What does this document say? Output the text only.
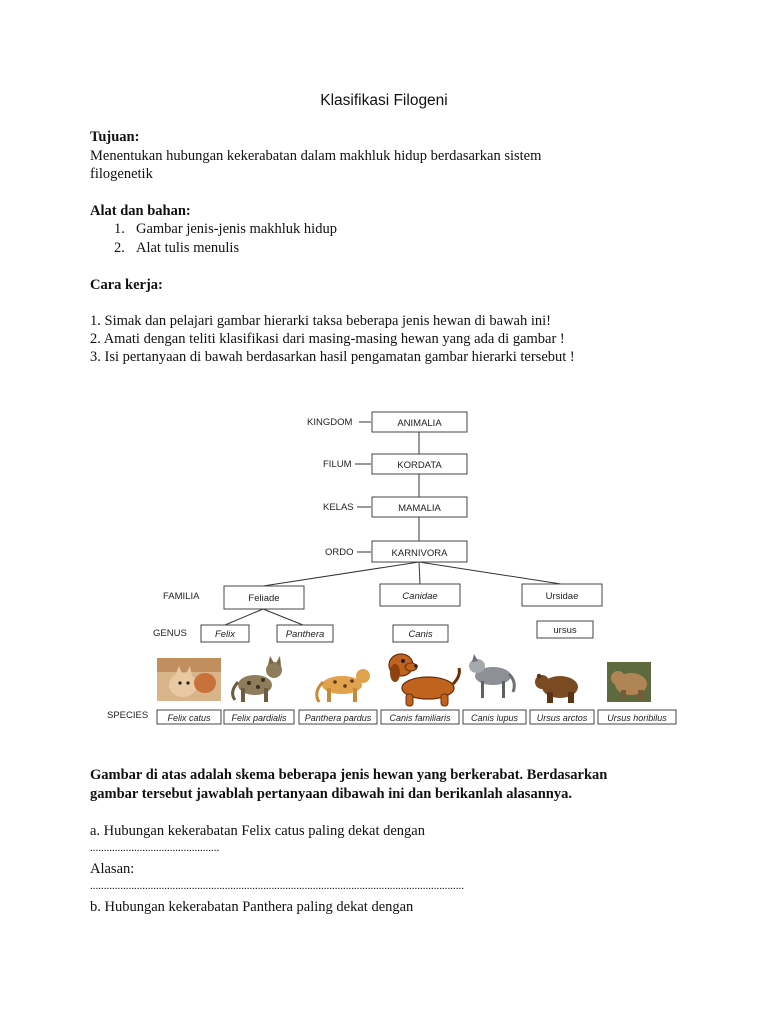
Klasifikasi Filogeni
Tujuan:
Menentukan hubungan kekerabatan dalam makhluk hidup berdasarkan sistem
filogenetik
Alat dan bahan:
1. Gambar jenis-jenis makhluk hidup
2. Alat tulis menulis
Cara kerja:
1. Simak dan pelajari gambar hierarki taksa beberapa jenis hewan di bawah ini!
2. Amati dengan teliti klasifikasi dari masing-masing hewan yang ada di gambar !
3. Isi pertanyaan di bawah berdasarkan hasil pengamatan gambar hierarki tersebut !
KINGDOM
FILUM
KELAS
ORDO
FAMILIA
GENUS
SPECIES
ANIMALIA
KORDATA
MAMALIA
KARNIVORA
Feliade	Canidae	Ursidae
Felix	Panthera	Canis	ursus
Felix catus Felix pardialis Panthera pardus Canis familiaris Canis lupus Ursus arctos Ursus horibilus
Gambar di atas adalah skema beberapa jenis hewan yang berkerabat. Berdasarkan
gambar tersebut jawablah pertanyaan dibawah ini dan berikanlah alasannya.
a. Hubungan kekerabatan Felix catus paling dekat dengan
...............................................
Alasan:
........................................................................................................................................
b. Hubungan kekerabatan Panthera paling dekat dengan
